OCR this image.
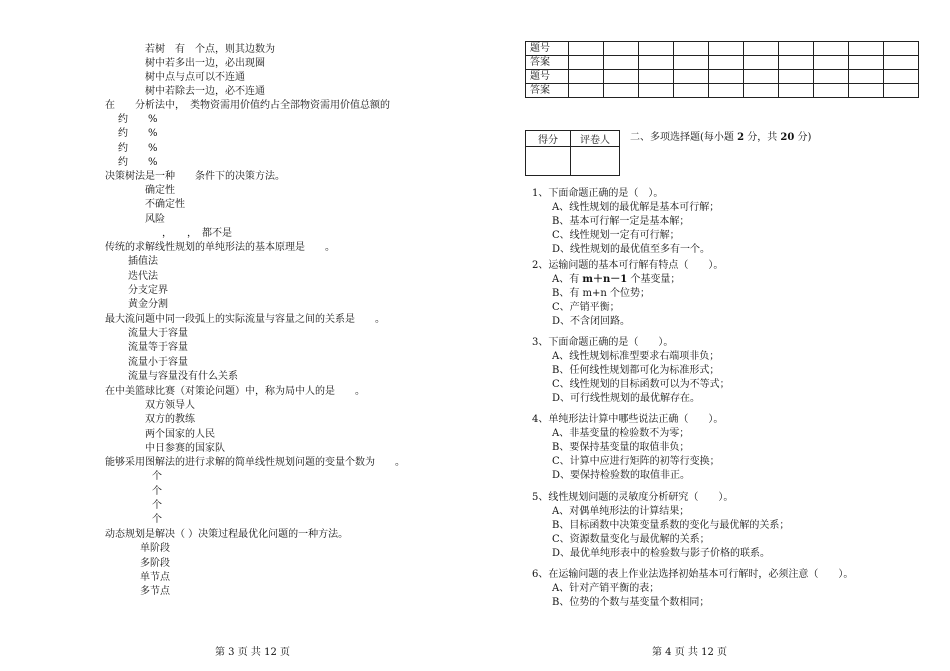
若树　有　个点，则其边数为
树中若多出一边，必出现圈
树中点与点可以不连通
树中若除去一边，必不连通
在　　分析法中，　类物资需用价值约占全部物资需用价值总额的
约　　%
约　　%
约　　%
约　　%
决策树法是一种　　条件下的决策方法。
确定性
不确定性
风险
，　　，　都不是
传统的求解线性规划的单纯形法的基本原理是　　。
插值法
迭代法
分支定界
黄金分割
最大流问题中同一段弧上的实际流量与容量之间的关系是　　。
流量大于容量
流量等于容量
流量小于容量
流量与容量没有什么关系
在中美篮球比赛（对策论问题）中，称为局中人的是　　。
双方领导人
双方的教练
两个国家的人民
中日参赛的国家队
能够采用图解法的进行求解的简单线性规划问题的变量个数为　　。
个
个
个
个
动态规划是解决（ ）决策过程最优化问题的一种方法。
单阶段
多阶段
单节点
多节点
第 3 页 共 12 页
题号										
答案										
题号										
答案										
得分	评卷人
	二、多项选择题(每小题 2 分，共 20 分)
1、下面命题正确的是（　）。
A、线性规划的最优解是基本可行解；
B、基本可行解一定是基本解；
C、线性规划一定有可行解；
D、线性规划的最优值至多有一个。
2、运输问题的基本可行解有特点（　　）。
A、有 m＋n－1 个基变量；
B、有 m+n 个位势；
C、产销平衡；
D、不含闭回路。
3、下面命题正确的是（　　）。
A、线性规划标准型要求右端项非负；
B、任何线性规划都可化为标准形式；
C、线性规划的目标函数可以为不等式；
D、可行线性规划的最优解存在。
4、单纯形法计算中哪些说法正确（　　）。
A、非基变量的检验数不为零；
B、要保持基变量的取值非负；
C、计算中应进行矩阵的初等行变换；
D、要保持检验数的取值非正。
5、线性规划问题的灵敏度分析研究（　　）。
A、对偶单纯形法的计算结果；
B、目标函数中决策变量系数的变化与最优解的关系；
C、资源数量变化与最优解的关系；
D、最优单纯形表中的检验数与影子价格的联系。
6、在运输问题的表上作业法选择初始基本可行解时，必须注意（　　）。
A、针对产销平衡的表；
B、位势的个数与基变量个数相同；
第 4 页 共 12 页
